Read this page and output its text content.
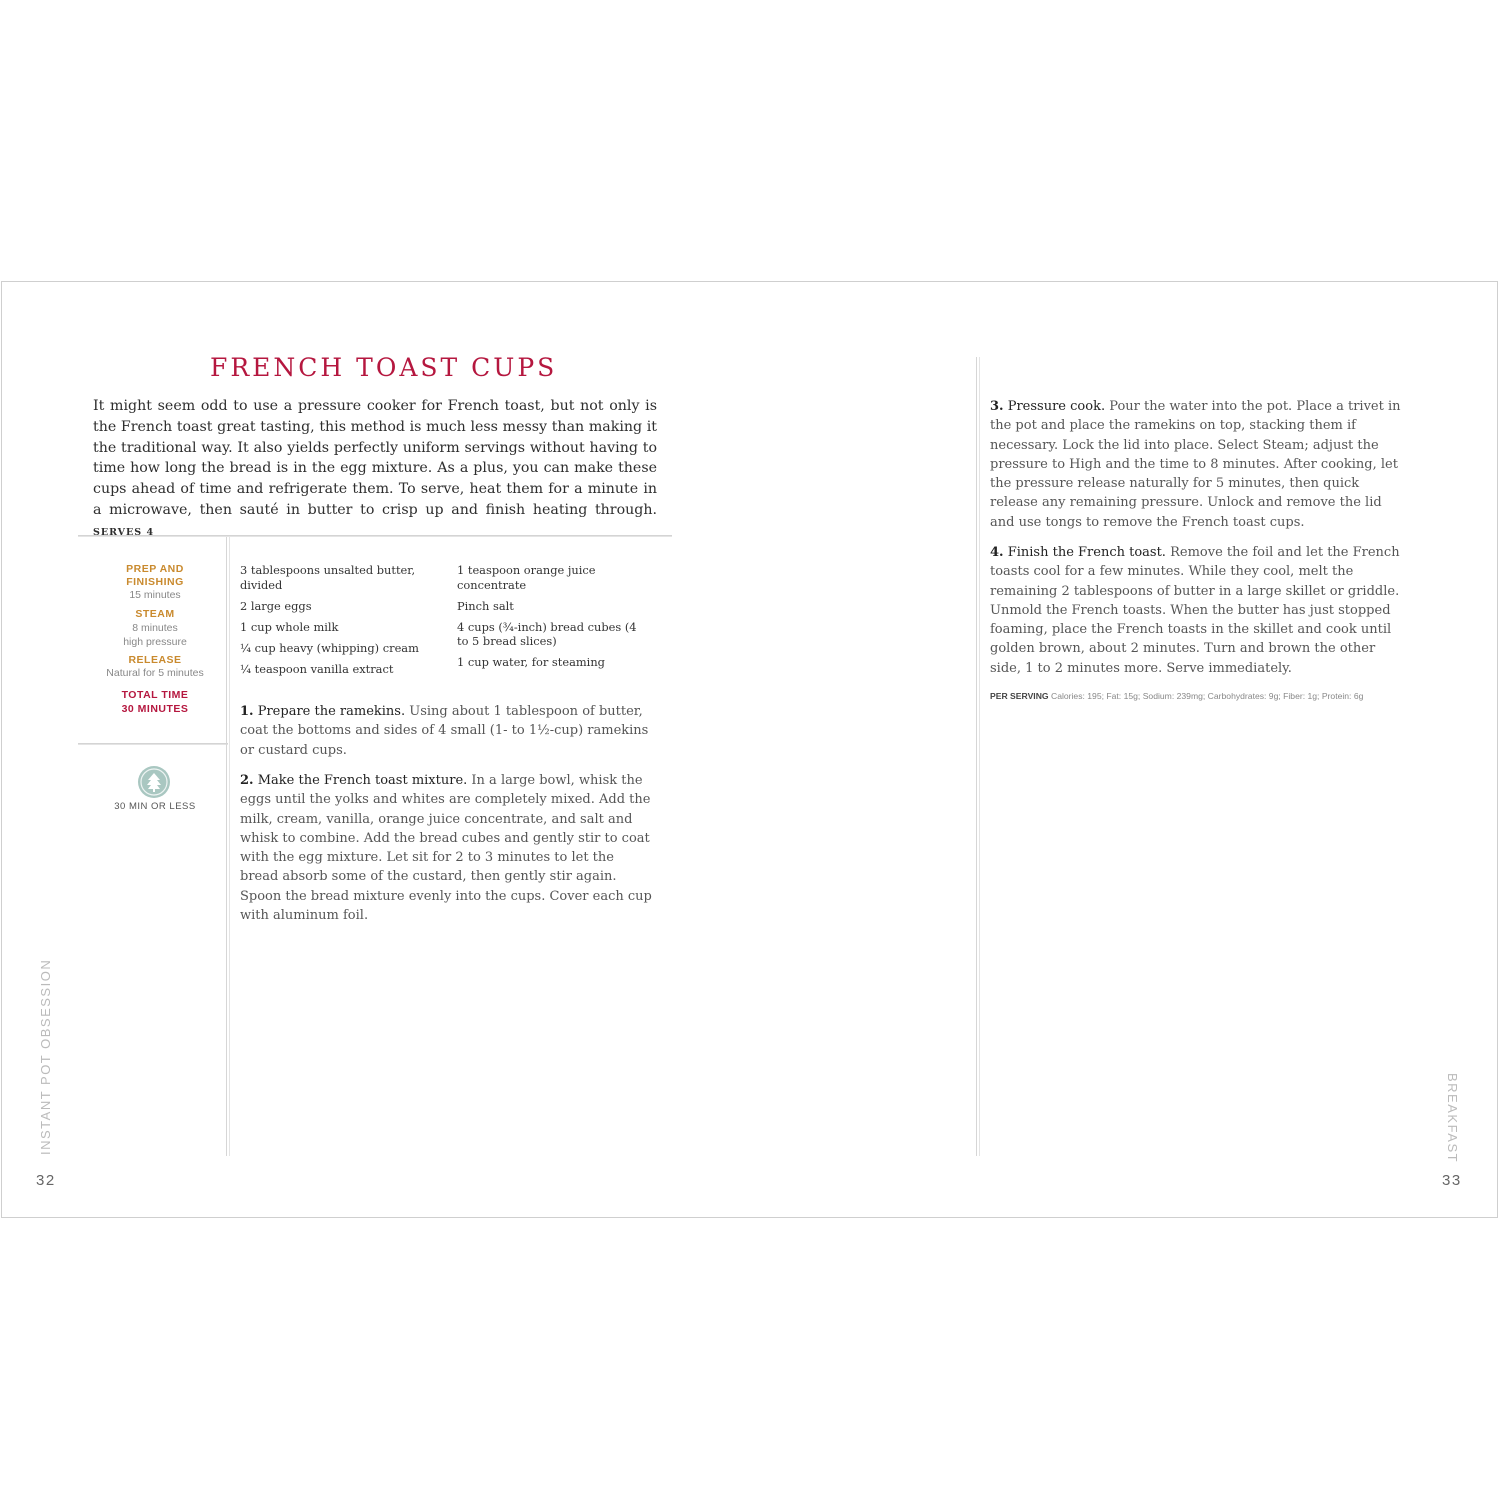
FRENCH TOAST CUPS
It might seem odd to use a pressure cooker for French toast, but not only is the French toast great tasting, this method is much less messy than making it the traditional way. It also yields perfectly uniform servings without having to time how long the bread is in the egg mixture. As a plus, you can make these cups ahead of time and refrigerate them. To serve, heat them for a minute in a microwave, then sauté in butter to crisp up and finish heating through. SERVES 4
PREP AND
FINISHING
15 minutes
STEAM
8 minutes
high pressure
RELEASE
Natural for 5 minutes
TOTAL TIME
30 MINUTES
30 MIN OR LESS
3 tablespoons unsalted butter, divided
2 large eggs
1 cup whole milk
¼ cup heavy (whipping) cream
¼ teaspoon vanilla extract
1 teaspoon orange juice concentrate
Pinch salt
4 cups (¾-inch) bread cubes (4 to 5 bread slices)
1 cup water, for steaming
1. Prepare the ramekins. Using about 1 tablespoon of butter, coat the bottoms and sides of 4 small (1- to 1½-cup) ramekins or custard cups.
2. Make the French toast mixture. In a large bowl, whisk the eggs until the yolks and whites are completely mixed. Add the milk, cream, vanilla, orange juice concentrate, and salt and whisk to combine. Add the bread cubes and gently stir to coat with the egg mixture. Let sit for 2 to 3 minutes to let the bread absorb some of the custard, then gently stir again. Spoon the bread mixture evenly into the cups. Cover each cup with aluminum foil.
INSTANT POT OBSESSION
32
3. Pressure cook. Pour the water into the pot. Place a trivet in the pot and place the ramekins on top, stacking them if necessary. Lock the lid into place. Select Steam; adjust the pressure to High and the time to 8 minutes. After cooking, let the pressure release naturally for 5 minutes, then quick release any remaining pressure. Unlock and remove the lid and use tongs to remove the French toast cups.
4. Finish the French toast. Remove the foil and let the French toasts cool for a few minutes. While they cool, melt the remaining 2 tablespoons of butter in a large skillet or griddle. Unmold the French toasts. When the butter has just stopped foaming, place the French toasts in the skillet and cook until golden brown, about 2 minutes. Turn and brown the other side, 1 to 2 minutes more. Serve immediately.
PER SERVING Calories: 195; Fat: 15g; Sodium: 239mg; Carbohydrates: 9g; Fiber: 1g; Protein: 6g
BREAKFAST
33
